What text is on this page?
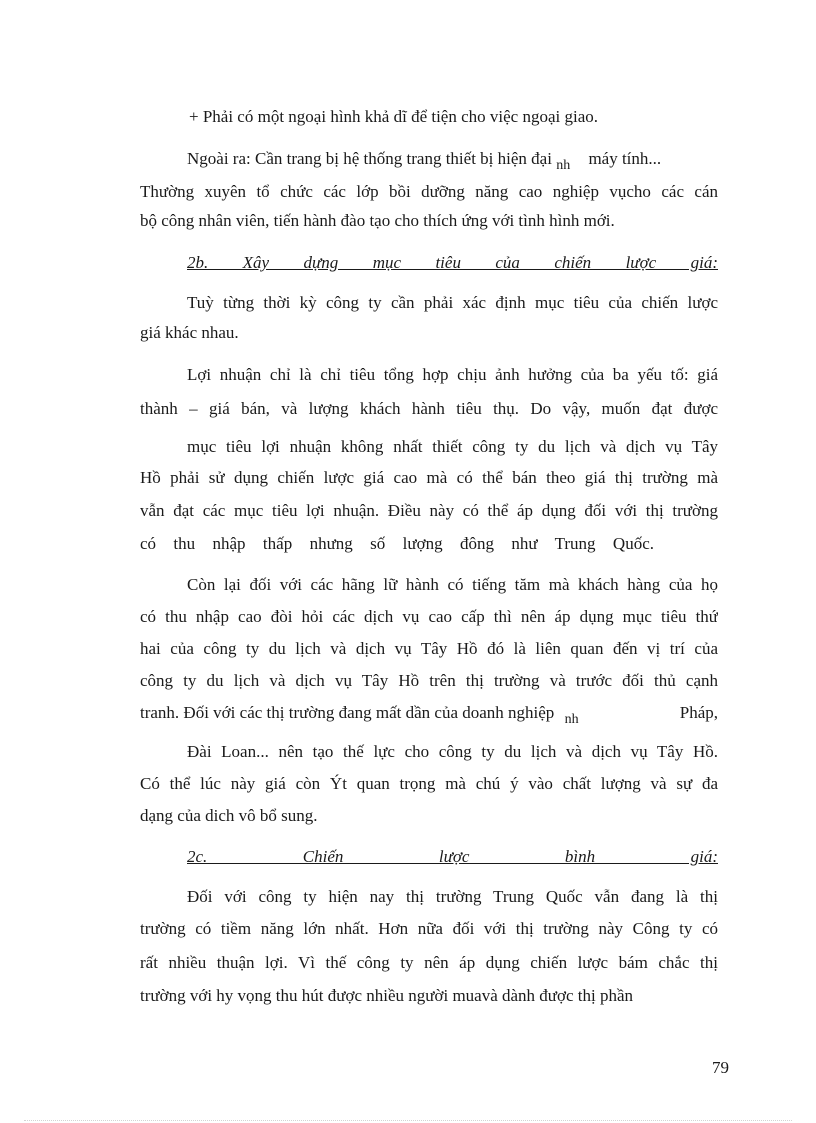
+ Phải có một ngoại hình khả dĩ để tiện cho việc ngoại giao.
Ngoài ra: Cần trang bị hệ thống trang thiết bị hiện đại $_{nh}$ máy tính...
Thường xuyên tổ chức các lớp bồi dưỡng năng cao nghiệp vụcho các cán
bộ công nhân viên, tiến hành đào tạo cho thích ứng với tình hình mới.
2b. Xây dựng mục tiêu của chiến lược giá:
Tuỳ từng thời kỳ công ty cần phải xác định mục tiêu của chiến lược
giá khác nhau.
Lợi nhuận chỉ là chỉ tiêu tổng hợp chịu ảnh hưởng của ba yếu tố: giá
thành – giá bán, và lượng khách hành tiêu thụ. Do vậy, muốn đạt được
mục tiêu lợi nhuận không nhất thiết công ty du lịch và dịch vụ Tây
Hồ phải sử dụng chiến lược giá cao mà có thể bán theo giá thị trường mà
vẫn đạt các mục tiêu lợi nhuận. Điều này có thể áp dụng đối với thị trường
có thu nhập thấp nhưng số lượng đông như Trung Quốc.
Còn lại đối với các hãng lữ hành có tiếng tăm mà khách hàng của họ
có thu nhập cao đòi hỏi các dịch vụ cao cấp thì nên áp dụng mục tiêu thứ
hai của công ty du lịch và dịch vụ Tây Hồ đó là liên quan đến vị trí của
công ty du lịch và dịch vụ Tây Hồ trên thị trường và trước đối thủ cạnh
tranh. Đối với các thị trường đang mất dần của doanh nghiệp $_{nh}$	Pháp,
Đài Loan... nên tạo thế lực cho công ty du lịch và dịch vụ Tây Hồ.
Có thể lúc này giá còn Ýt quan trọng mà chú ý vào chất lượng và sự đa
dạng của dich vô bổ sung.
2c. Chiến lược bình giá:
Đối với công ty hiện nay thị trường Trung Quốc vẫn đang là thị
trường có tiềm năng lớn nhất. Hơn nữa đối với thị trường này Công ty có
rất nhiều thuận lợi. Vì thế công ty nên áp dụng chiến lược bám chắc thị
trường với hy vọng thu hút được nhiều người muavà dành được thị phần
79
